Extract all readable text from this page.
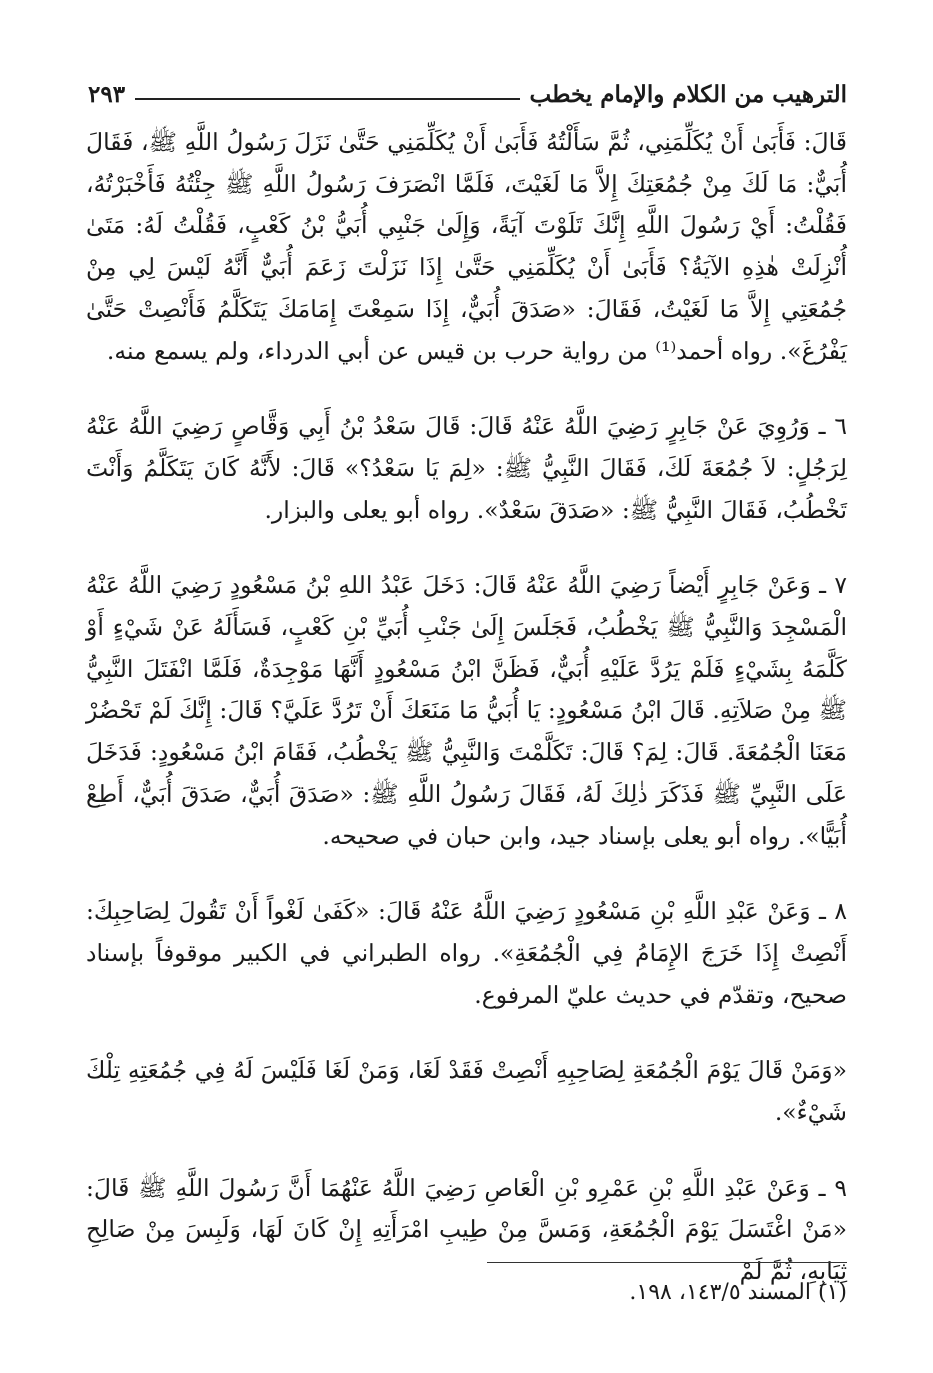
الترهيب من الكلام والإمام يخطب
٢٩٣

قَالَ: فَأَبَىٰ أَنْ يُكَلِّمَنِي، ثُمَّ سَأَلْتُهُ فَأَبَىٰ أَنْ يُكَلِّمَنِي حَتَّىٰ نَزَلَ رَسُولُ اللَّهِ ﷺ، فَقَالَ أُبَيٌّ: مَا لَكَ مِنْ جُمُعَتِكَ إِلاَّ مَا لَغَيْتَ، فَلَمَّا انْصَرَفَ رَسُولُ اللَّهِ ﷺ جِئْتُهُ فَأَخْبَرْتُهُ، فَقُلْتُ: أَيْ رَسُولَ اللَّهِ إِنَّكَ تَلَوْتَ آيَةً، وَإِلَىٰ جَنْبِي أُبَيُّ بْنُ كَعْبٍ، فَقُلْتُ لَهُ: مَتَىٰ أُنْزِلَتْ هٰذِهِ الآيَةُ؟ فَأَبَىٰ أَنْ يُكَلِّمَنِي حَتَّىٰ إِذَا نَزَلْتَ زَعَمَ أُبَيٌّ أَنَّهُ لَيْسَ لِي مِنْ جُمُعَتِي إِلاَّ مَا لَغَيْتُ، فَقَالَ: «صَدَقَ أُبَيٌّ، إِذَا سَمِعْتَ إِمَامَكَ يَتَكَلَّمُ فَأَنْصِتْ حَتَّىٰ يَفْرُغَ». رواه أحمد⁽¹⁾ من رواية حرب بن قيس عن أبي الدرداء، ولم يسمع منه.

٦ ـ وَرُوِيَ عَنْ جَابِرٍ رَضِيَ اللَّهُ عَنْهُ قَالَ: قَالَ سَعْدُ بْنُ أَبِي وَقَّاصٍ رَضِيَ اللَّهُ عَنْهُ لِرَجُلٍ: لاَ جُمُعَةَ لَكَ، فَقَالَ النَّبِيُّ ﷺ: «لِمَ يَا سَعْدُ؟» قَالَ: لأَنَّهُ كَانَ يَتَكَلَّمُ وَأَنْتَ تَخْطُبُ، فَقَالَ النَّبِيُّ ﷺ: «صَدَقَ سَعْدٌ». رواه أبو يعلى والبزار.

٧ ـ وَعَنْ جَابِرٍ أَيْضاً رَضِيَ اللَّهُ عَنْهُ قَالَ: دَخَلَ عَبْدُ اللهِ بْنُ مَسْعُودٍ رَضِيَ اللَّهُ عَنْهُ الْمَسْجِدَ وَالنَّبِيُّ ﷺ يَخْطُبُ، فَجَلَسَ إِلَىٰ جَنْبِ أُبَيِّ بْنِ كَعْبٍ، فَسَأَلَهُ عَنْ شَيْءٍ أَوْ كَلَّمَهُ بِشَيْءٍ فَلَمْ يَرُدَّ عَلَيْهِ أُبَيٌّ، فَظَنَّ ابْنُ مَسْعُودٍ أَنَّهَا مَوْجِدَةٌ، فَلَمَّا انْفَتَلَ النَّبِيُّ ﷺ مِنْ صَلاَتِهِ. قَالَ ابْنُ مَسْعُودٍ: يَا أُبَيُّ مَا مَنَعَكَ أَنْ تَرُدَّ عَلَيَّ؟ قَالَ: إِنَّكَ لَمْ تَحْضُرْ مَعَنَا الْجُمُعَةَ. قَالَ: لِمَ؟ قَالَ: تَكَلَّمْتَ وَالنَّبِيُّ ﷺ يَخْطُبُ، فَقَامَ ابْنُ مَسْعُودٍ: فَدَخَلَ عَلَى النَّبِيِّ ﷺ فَذَكَرَ ذٰلِكَ لَهُ، فَقَالَ رَسُولُ اللَّهِ ﷺ: «صَدَقَ أُبَيٌّ، صَدَقَ أُبَيٌّ، أَطِعْ أُبَيًّا». رواه أبو يعلى بإسناد جيد، وابن حبان في صحيحه.

٨ ـ وَعَنْ عَبْدِ اللَّهِ بْنِ مَسْعُودٍ رَضِيَ اللَّهُ عَنْهُ قَالَ: «كَفَىٰ لَغْواً أَنْ تَقُولَ لِصَاحِبِكَ: أَنْصِتْ إِذَا خَرَجَ الإِمَامُ فِي الْجُمُعَةِ». رواه الطبراني في الكبير موقوفاً بإسناد صحيح، وتقدّم في حديث عليّ المرفوع.

«وَمَنْ قَالَ يَوْمَ الْجُمُعَةِ لِصَاحِبِهِ أَنْصِتْ فَقَدْ لَغَا، وَمَنْ لَغَا فَلَيْسَ لَهُ فِي جُمُعَتِهِ تِلْكَ شَيْءٌ».

٩ ـ وَعَنْ عَبْدِ اللَّهِ بْنِ عَمْرِو بْنِ الْعَاصِ رَضِيَ اللَّهُ عَنْهُمَا أَنَّ رَسُولَ اللَّهِ ﷺ قَالَ: «مَنْ اغْتَسَلَ يَوْمَ الْجُمُعَةِ، وَمَسَّ مِنْ طِيبِ امْرَأَتِهِ إِنْ كَانَ لَهَا، وَلَبِسَ مِنْ صَالِحِ ثِيَابِهِ، ثُمَّ لَمْ

(١) المسند ١٤٣/٥، ١٩٨.
